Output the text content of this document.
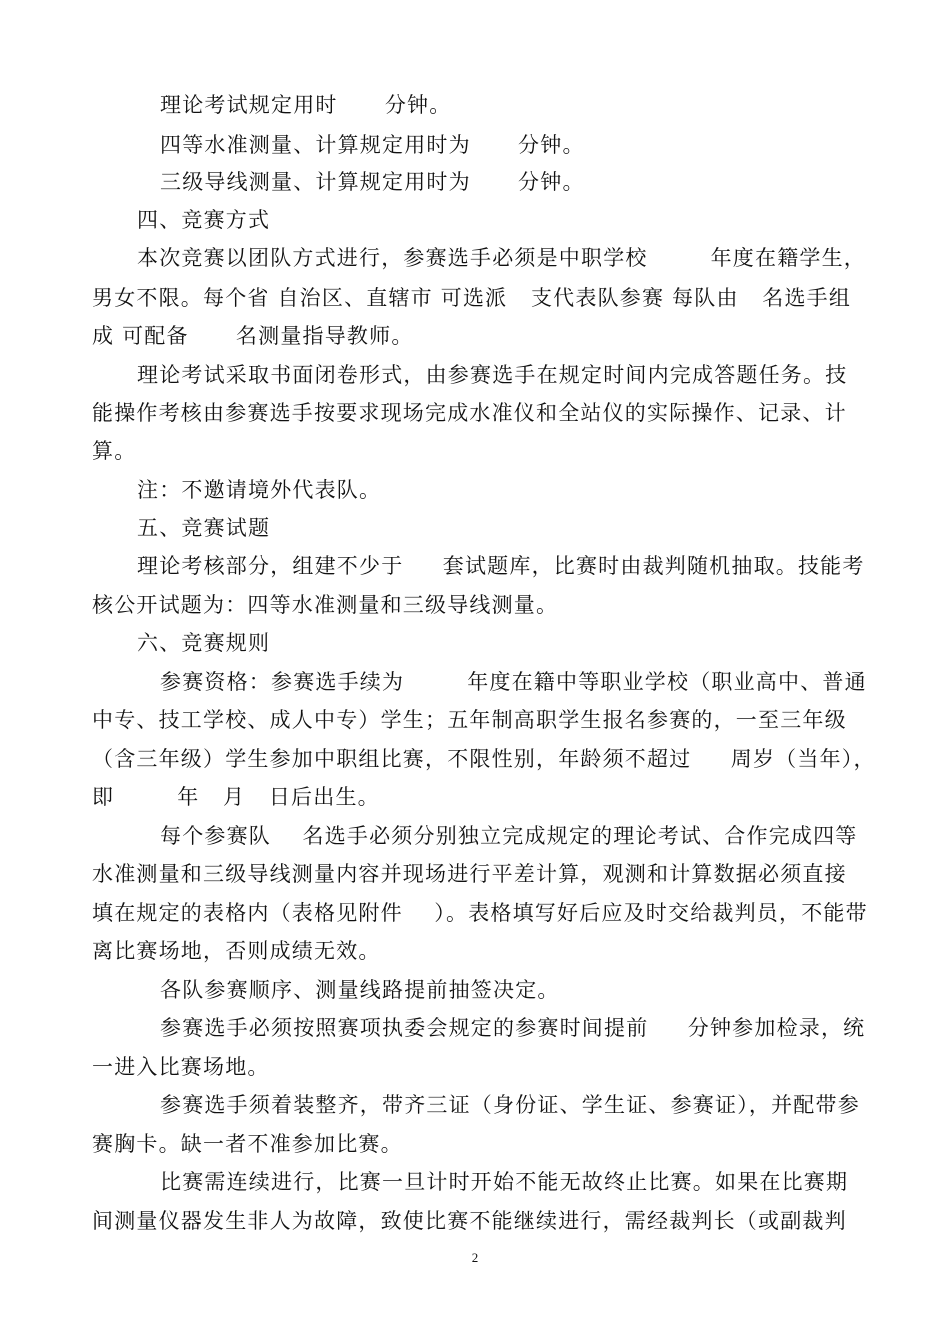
理论考试规定用时      分钟。
四等水准测量、计算规定用时为      分钟。
三级导线测量、计算规定用时为      分钟。
四、竞赛方式
本次竞赛以团队方式进行，参赛选手必须是中职学校        年度在籍学生，
男女不限。每个省 自治区、直辖市 可选派   支代表队参赛 每队由   名选手组
成 可配备      名测量指导教师。
理论考试采取书面闭卷形式，由参赛选手在规定时间内完成答题任务。技
能操作考核由参赛选手按要求现场完成水准仪和全站仪的实际操作、记录、计
算。
注：不邀请境外代表队。
五、竞赛试题
理论考核部分，组建不少于     套试题库，比赛时由裁判随机抽取。技能考
核公开试题为：四等水准测量和三级导线测量。
六、竞赛规则
参赛资格：参赛选手续为        年度在籍中等职业学校（职业高中、普通
中专、技工学校、成人中专）学生；五年制高职学生报名参赛的，一至三年级
（含三年级）学生参加中职组比赛，不限性别，年龄须不超过     周岁（当年），
即        年   月   日后出生。
每个参赛队    名选手必须分别独立完成规定的理论考试、合作完成四等
水准测量和三级导线测量内容并现场进行平差计算，观测和计算数据必须直接
填在规定的表格内（表格见附件    ）。表格填写好后应及时交给裁判员，不能带
离比赛场地，否则成绩无效。
各队参赛顺序、测量线路提前抽签决定。
参赛选手必须按照赛项执委会规定的参赛时间提前     分钟参加检录，统
一进入比赛场地。
参赛选手须着装整齐，带齐三证（身份证、学生证、参赛证），并配带参
赛胸卡。缺一者不准参加比赛。
比赛需连续进行，比赛一旦计时开始不能无故终止比赛。如果在比赛期
间测量仪器发生非人为故障，致使比赛不能继续进行，需经裁判长（或副裁判
2
